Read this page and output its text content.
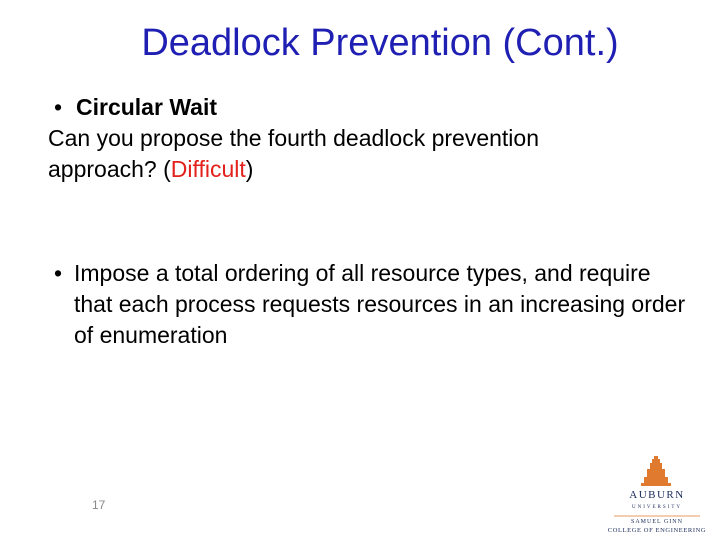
Deadlock Prevention (Cont.)
• Circular Wait
Can you propose the fourth deadlock prevention
approach? (Difficult)
• Impose a total ordering of all resource types, and require that each process requests resources in an increasing order of enumeration
17
AUBURN
UNIVERSITY
SAMUEL GINN
COLLEGE OF ENGINEERING
